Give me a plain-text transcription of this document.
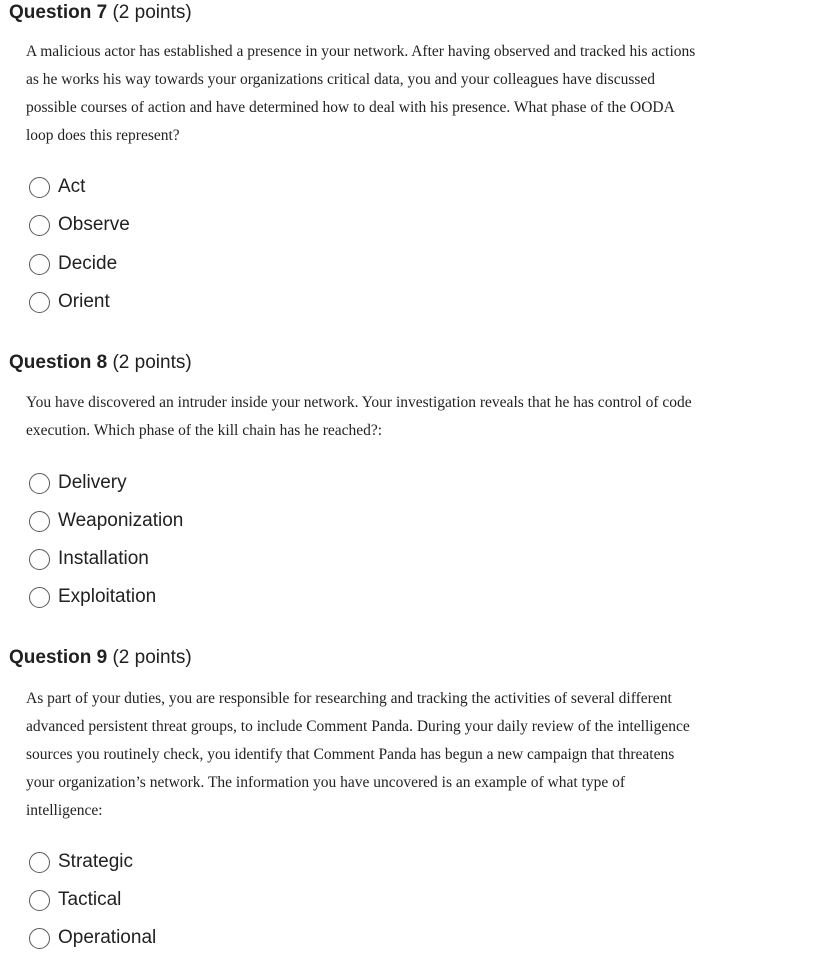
Question 7 (2 points)

A malicious actor has established a presence in your network. After having observed and tracked his actions

as he works his way towards your organizations critical data, you and your colleagues have discussed

possible courses of action and have determined how to deal with his presence. What phase of the OODA

loop does this represent?

Act
Observe
Decide
Orient
Question 8 (2 points)

You have discovered an intruder inside your network. Your investigation reveals that he has control of code

execution. Which phase of the kill chain has he reached?:

Delivery
Weaponization
Installation
Exploitation
Question 9 (2 points)

As part of your duties, you are responsible for researching and tracking the activities of several different

advanced persistent threat groups, to include Comment Panda. During your daily review of the intelligence

sources you routinely check, you identify that Comment Panda has begun a new campaign that threatens

your organization’s network. The information you have uncovered is an example of what type of

intelligence:

Strategic
Tactical
Operational
